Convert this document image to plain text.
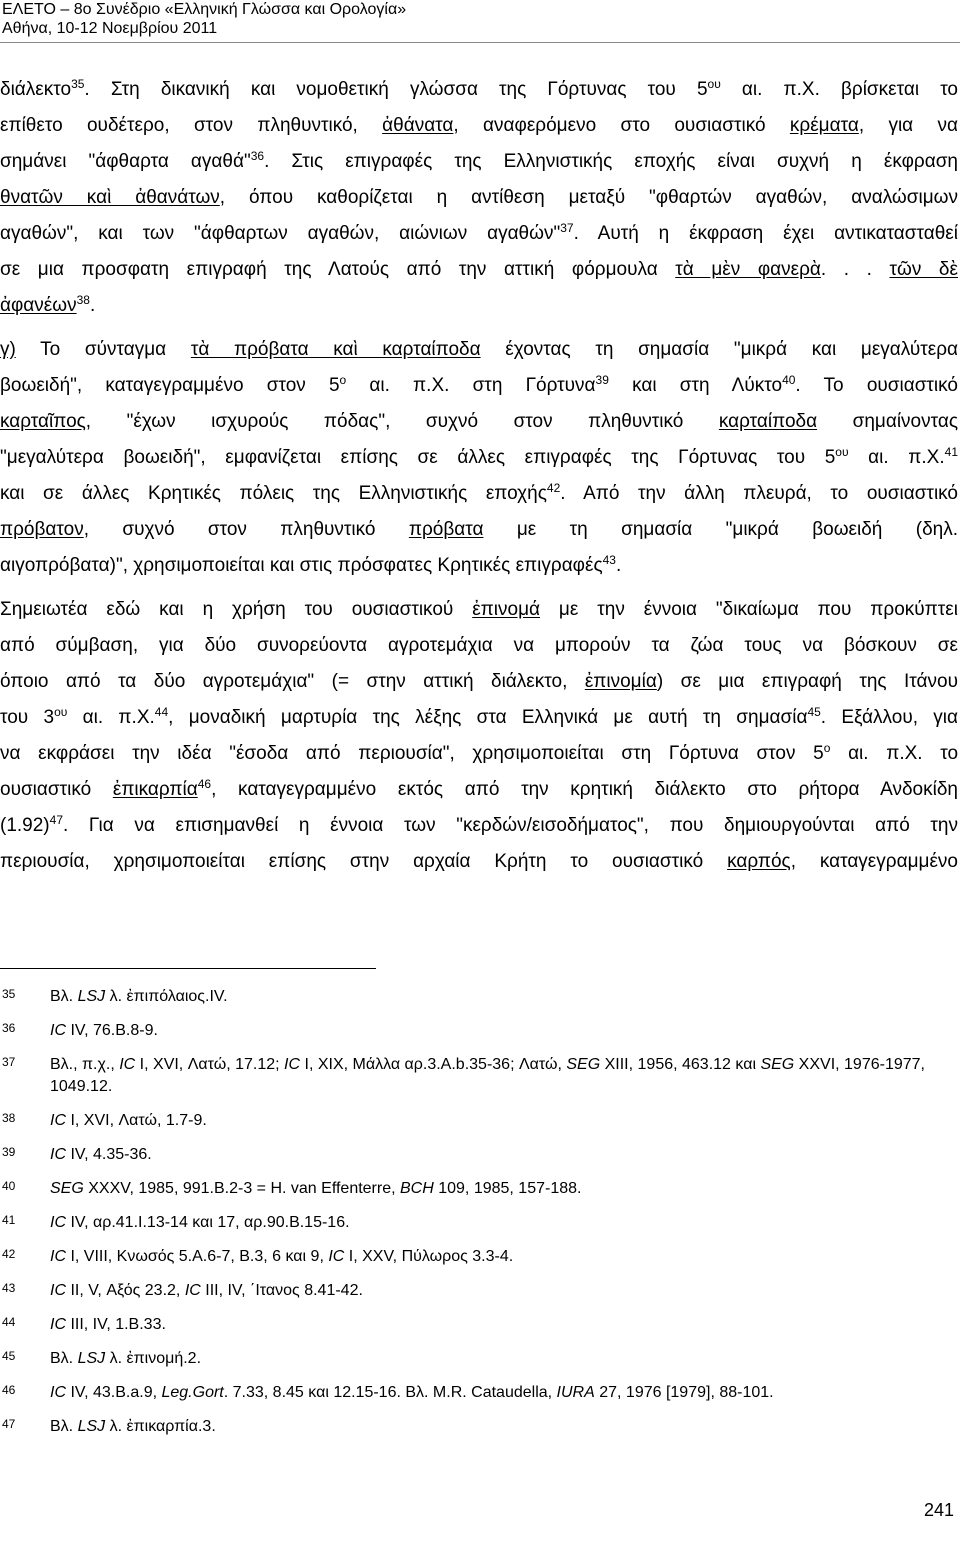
ΕΛΕΤΟ – 8ο Συνέδριο «Ελληνική Γλώσσα και Ορολογία»
Αθήνα, 10-12 Νοεμβρίου 2011
διάλεκτο$^{35}$. Στη δικανική και νομοθετική γλώσσα της Γόρτυνας του $5^{o\upsilon}$ αι. π.Χ. βρίσκεται το
επίθετο ουδέτερο, στον πληθυντικό, ἀθάνατα, αναφερόμενο στο ουσιαστικό κρέματα, για να
σημάνει "άφθαρτα αγαθά"$^{36}$. Στις επιγραφές της Ελληνιστικής εποχής είναι συχνή η έκφραση
θνατῶν καὶ ἀθανάτων, όπου καθορίζεται η αντίθεση μεταξύ "φθαρτών αγαθών, αναλώσιμων
αγαθών", και των "άφθαρτων αγαθών, αιώνιων αγαθών"$^{37}$. Αυτή η έκφραση έχει αντικατασταθεί
σε μια προσφατη επιγραφή της Λατούς από την αττική φόρμουλα τὰ μὲν φανερὰ. . . τῶν δὲ
ἀφανέων$^{38}$.
γ) Το σύνταγμα τὰ πρόβατα καὶ καρταίποδα έχοντας τη σημασία "μικρά και μεγαλύτερα
βοωειδή", καταγεγραμμένο στον $5^o$ αι. π.Χ. στη Γόρτυνα$^{39}$ και στη Λύκτο$^{40}$. Το ουσιαστικό
καρταῖπος, "έχων ισχυρούς πόδας", συχνό στον πληθυντικό καρταίποδα σημαίνοντας
"μεγαλύτερα βοωειδή", εμφανίζεται επίσης σε άλλες επιγραφές της Γόρτυνας του $5^{o\upsilon}$ αι. π.Χ.$^{41}$
και σε άλλες Κρητικές πόλεις της Ελληνιστικής εποχής$^{42}$. Από την άλλη πλευρά, το ουσιαστικό
πρόβατον, συχνό στον πληθυντικό πρόβατα με τη σημασία "μικρά βοωειδή (δηλ.
αιγοπρόβατα)", χρησιμοποιείται και στις πρόσφατες Κρητικές επιγραφές$^{43}$.
Σημειωτέα εδώ και η χρήση του ουσιαστικού ἐπινομά με την έννοια "δικαίωμα που προκύπτει
από σύμβαση, για δύο συνορεύοντα αγροτεμάχια να μπορούν τα ζώα τους να βόσκουν σε
όποιο από τα δύο αγροτεμάχια" (= στην αττική διάλεκτο, ἐπινομία) σε μια επιγραφή της Ιτάνου
του $3^{o\upsilon}$ αι. π.Χ.$^{44}$, μοναδική μαρτυρία της λέξης στα Ελληνικά με αυτή τη σημασία$^{45}$. Εξάλλου, για
να εκφράσει την ιδέα "έσοδα από περιουσία", χρησιμοποιείται στη Γόρτυνα στον $5^o$ αι. π.Χ. το
ουσιαστικό ἐπικαρπία$^{46}$, καταγεγραμμένο εκτός από την κρητική διάλεκτο στο ρήτορα Ανδοκίδη
$(1.92)^{47}$. Για να επισημανθεί η έννοια των "κερδών/εισοδήματος", που δημιουργούνται από την
περιουσία, χρησιμοποιείται επίσης στην αρχαία Κρήτη το ουσιαστικό καρπός, καταγεγραμμένο
35 Βλ. LSJ λ. ἐπιπόλαιος.IV.
36 IC IV, 76.B.8-9.
37 Βλ., π.χ., IC I, XVI, Λατώ, 17.12; IC I, XIX, Μάλλα αρ.3.A.b.35-36; Λατώ, SEG XIII, 1956, 463.12 και SEG XXVI, 1976-1977, 1049.12.
38 IC I, XVI, Λατώ, 1.7-9.
39 IC IV, 4.35-36.
40 SEG XXXV, 1985, 991.B.2-3 = H. van Effenterre, BCH 109, 1985, 157-188.
41 IC IV, αρ.41.I.13-14 και 17, αρ.90.B.15-16.
42 IC I, VIII, Κνωσός 5.A.6-7, B.3, 6 και 9, IC I, XXV, Πύλωρος 3.3-4.
43 IC II, V, Αξός 23.2, IC III, IV, ΄Ιτανος 8.41-42.
44 IC III, IV, 1.B.33.
45 Βλ. LSJ λ. ἐπινομή.2.
46 IC IV, 43.B.a.9, Leg.Gort. 7.33, 8.45 και 12.15-16. Βλ. M.R. Cataudella, IURA 27, 1976 [1979], 88-101.
47 Βλ. LSJ λ. ἐπικαρπία.3.
241
